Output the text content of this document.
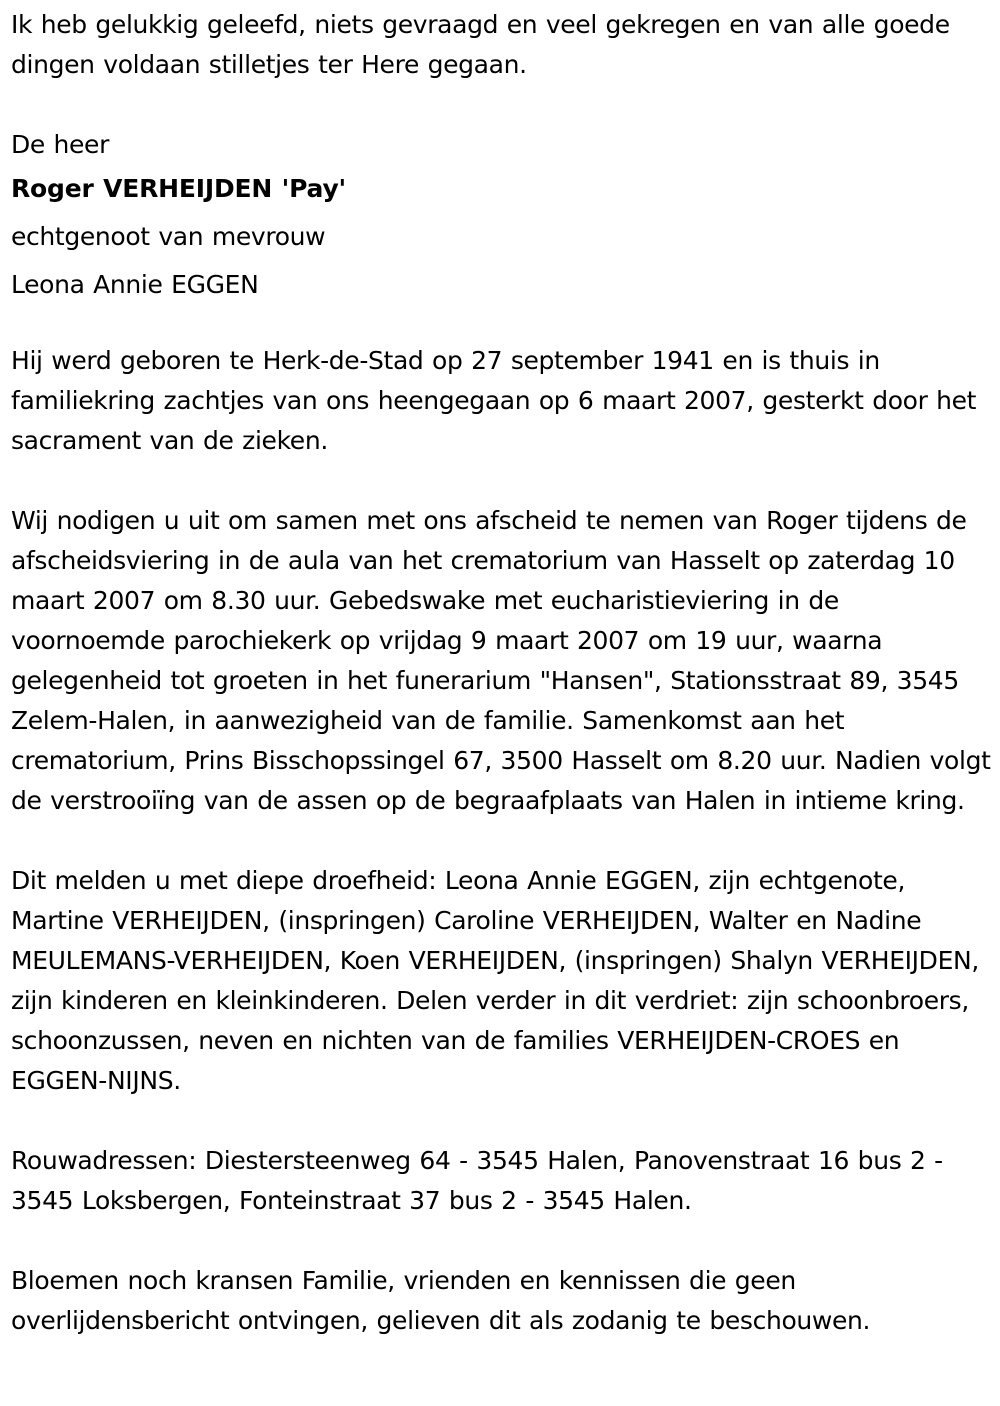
Ik heb gelukkig geleefd, niets gevraagd en veel gekregen en van alle goede dingen voldaan stilletjes ter Here gegaan.

De heer

Roger VERHEIJDEN 'Pay'

echtgenoot van mevrouw

Leona Annie EGGEN

Hij werd geboren te Herk-de-Stad op 27 september 1941 en is thuis in familiekring zachtjes van ons heengegaan op 6 maart 2007, gesterkt door het sacrament van de zieken.

Wij nodigen u uit om samen met ons afscheid te nemen van Roger tijdens de afscheidsviering in de aula van het crematorium van Hasselt op zaterdag 10 maart 2007 om 8.30 uur. Gebedswake met eucharistieviering in de voornoemde parochiekerk op vrijdag 9 maart 2007 om 19 uur, waarna gelegenheid tot groeten in het funerarium "Hansen", Stationsstraat 89, 3545 Zelem-Halen, in aanwezigheid van de familie. Samenkomst aan het crematorium, Prins Bisschopssingel 67, 3500 Hasselt om 8.20 uur. Nadien volgt de verstrooiïng van de assen op de begraafplaats van Halen in intieme kring.

Dit melden u met diepe droefheid: Leona Annie EGGEN, zijn echtgenote, Martine VERHEIJDEN, (inspringen) Caroline VERHEIJDEN, Walter en Nadine MEULEMANS-VERHEIJDEN, Koen VERHEIJDEN, (inspringen) Shalyn VERHEIJDEN, zijn kinderen en kleinkinderen. Delen verder in dit verdriet: zijn schoonbroers, schoonzussen, neven en nichten van de families VERHEIJDEN-CROES en EGGEN-NIJNS.

Rouwadressen: Diestersteenweg 64 - 3545 Halen, Panovenstraat 16 bus 2 - 3545 Loksbergen, Fonteinstraat 37 bus 2 - 3545 Halen.

Bloemen noch kransen Familie, vrienden en kennissen die geen overlijdensbericht ontvingen, gelieven dit als zodanig te beschouwen.
